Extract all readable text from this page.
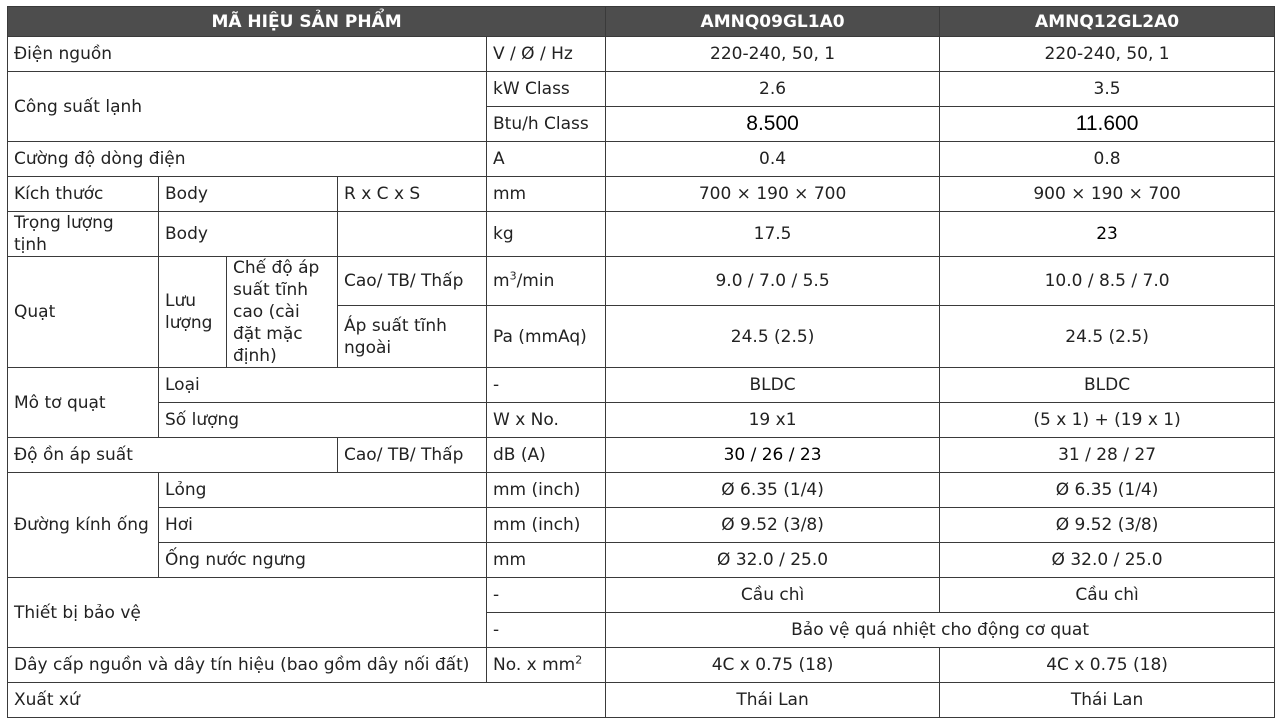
MÃ HIỆU SẢN PHẨM					AMNQ09GL1A0	AMNQ12GL2A0
Điện nguồn				V / Ø / Hz	220-240, 50, 1	220-240, 50, 1
Công suất lạnh				kW Class	2.6	3.5
				Btu/h Class	8.500	11.600
Cường độ dòng điện				A	0.4	0.8
Kích thước	Body		R x C x S	mm	700 × 190 × 700	900 × 190 × 700
Trọng lượng tịnh	Body			kg	17.5	23
Quạt	Lưu lượng	Chế độ áp suất tĩnh cao (cài đặt mặc định)	Cao/ TB/ Thấp	$m^3/\min$	9.0 / 7.0 / 5.5	10.0 / 8.5 / 7.0
			Áp suất tĩnh ngoài	Pa (mmAq)	24.5 (2.5)	24.5 (2.5)
Mô tơ quạt	Loại			-	BLDC	BLDC
	Số lượng			W x No.	19 x1	(5 x 1) + (19 x 1)
Độ ồn áp suất			Cao/ TB/ Thấp	dB (A)	30 / 26 / 23	31 / 28 / 27
Đường kính ống	Lỏng			mm (inch)	Ø 6.35 (1/4)	Ø 6.35 (1/4)
	Hơi			mm (inch)	Ø 9.52 (3/8)	Ø 9.52 (3/8)
	Ống nước ngưng			mm	Ø 32.0 / 25.0	Ø 32.0 / 25.0
Thiết bị bảo vệ				-	Cầu chì	Cầu chì
				-	Bảo vệ quá nhiệt cho động cơ quat	
Dây cấp nguồn và dây tín hiệu (bao gồm dây nối đất)				No. x $mm^2$	4C x 0.75 (18)	4C x 0.75 (18)
Xuất xứ					Thái Lan	Thái Lan
